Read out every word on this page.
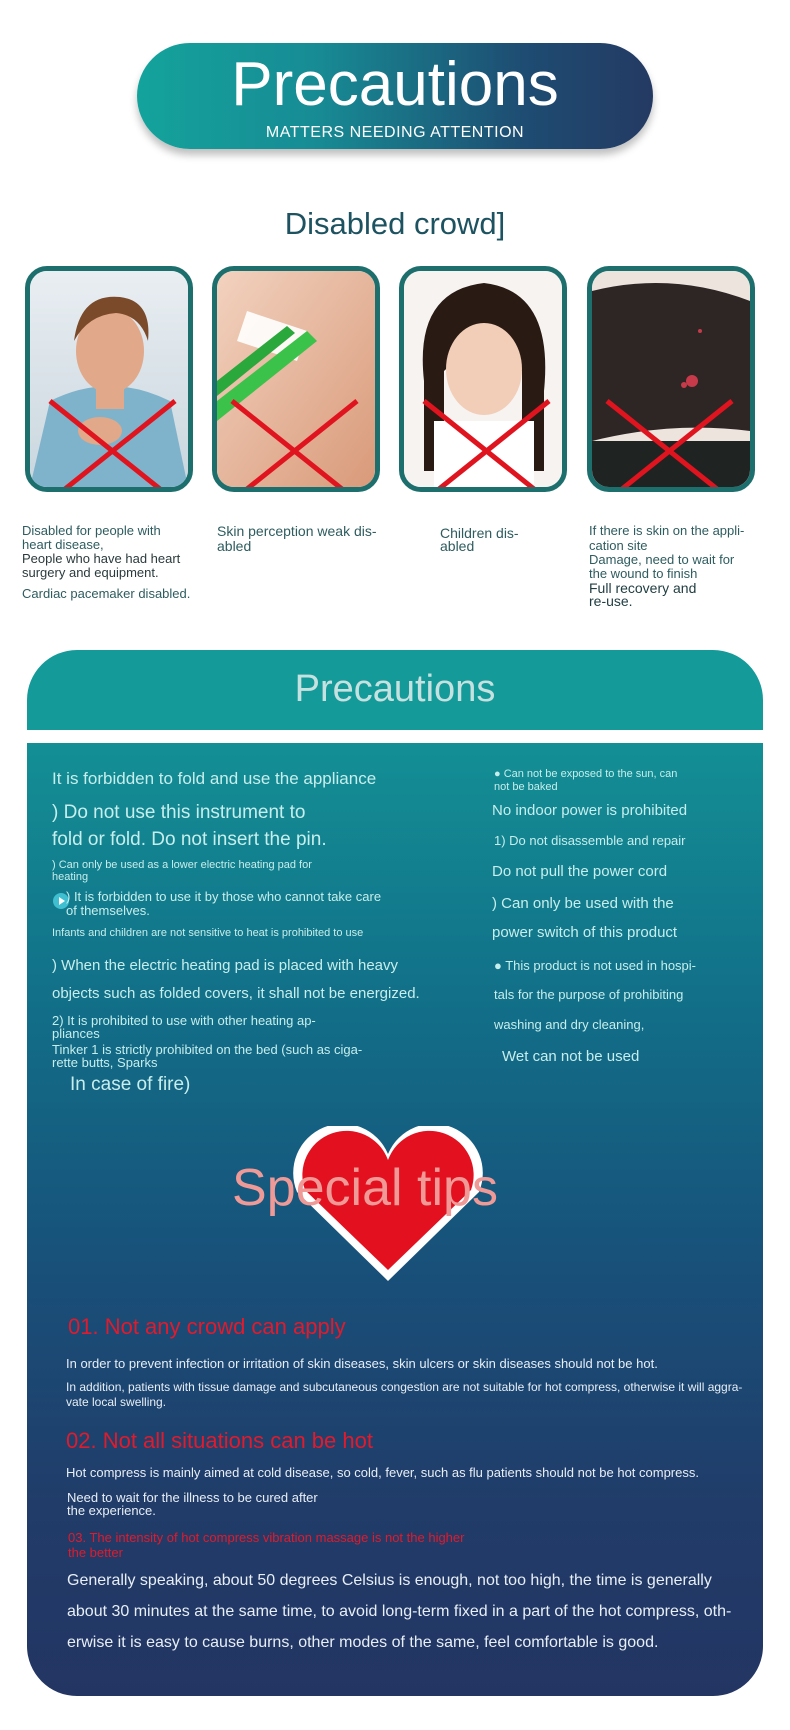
Precautions
MATTERS NEEDING ATTENTION
Disabled crowd]
Disabled for people with
heart disease,
People who have had heart
surgery and equipment.
Cardiac pacemaker disabled.
Skin perception weak dis-
abled
Children dis-
abled
If there is skin on the appli-
cation site
Damage, need to wait for
the wound to finish
Full recovery and
re-use.
Precautions
It is forbidden to fold and use the appliance
) Do not use this instrument to
fold or fold. Do not insert the pin.
) Can only be used as a lower electric heating pad for
heating
) It is forbidden to use it by those who cannot take care
of themselves.
Infants and children are not sensitive to heat is prohibited to use
) When the electric heating pad is placed with heavy
objects such as folded covers, it shall not be energized.
2) It is prohibited to use with other heating ap-
pliances
Tinker 1 is strictly prohibited on the bed (such as ciga-
rette butts, Sparks
In case of fire)
● Can not be exposed to the sun, can
not be baked
No indoor power is prohibited
1) Do not disassemble and repair
Do not pull the power cord
) Can only be used with the
power switch of this product
● This product is not used in hospi-
tals for the purpose of prohibiting
washing and dry cleaning,
Wet can not be used
Special tips
01. Not any crowd can apply
In order to prevent infection or irritation of skin diseases, skin ulcers or skin diseases should not be hot.
In addition, patients with tissue damage and subcutaneous congestion are not suitable for hot compress, otherwise it will aggra-
vate local swelling.
02. Not all situations can be hot
Hot compress is mainly aimed at cold disease, so cold, fever, such as flu patients should not be hot compress.
Need to wait for the illness to be cured after
the experience.
03. The intensity of hot compress vibration massage is not the higher
the better
Generally speaking, about 50 degrees Celsius is enough, not too high, the time is generally
about 30 minutes at the same time, to avoid long-term fixed in a part of the hot compress, oth-
erwise it is easy to cause burns, other modes of the same, feel comfortable is good.
